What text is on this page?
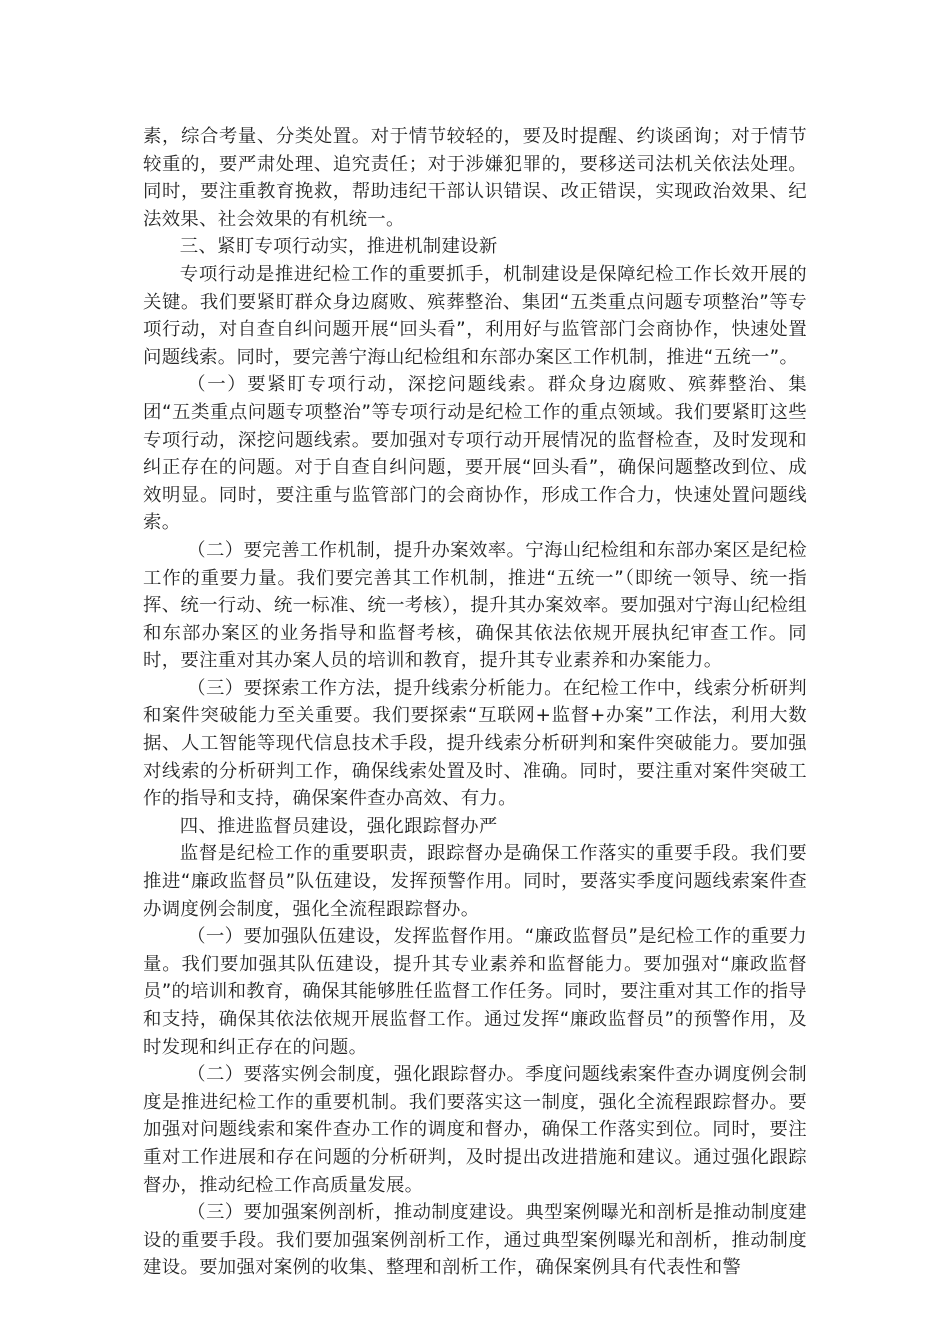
素，综合考量、分类处置。对于情节较轻的，要及时提醒、约谈函询；对于情节较重的，要严肃处理、追究责任；对于涉嫌犯罪的，要移送司法机关依法处理。同时，要注重教育挽救，帮助违纪干部认识错误、改正错误，实现政治效果、纪法效果、社会效果的有机统一。

三、紧盯专项行动实，推进机制建设新

专项行动是推进纪检工作的重要抓手，机制建设是保障纪检工作长效开展的关键。我们要紧盯群众身边腐败、殡葬整治、集团“五类重点问题专项整治”等专项行动，对自查自纠问题开展“回头看”，利用好与监管部门会商协作，快速处置问题线索。同时，要完善宁海山纪检组和东部办案区工作机制，推进“五统一”。

（一）要紧盯专项行动，深挖问题线索。群众身边腐败、殡葬整治、集团“五类重点问题专项整治”等专项行动是纪检工作的重点领域。我们要紧盯这些专项行动，深挖问题线索。要加强对专项行动开展情况的监督检查，及时发现和纠正存在的问题。对于自查自纠问题，要开展“回头看”，确保问题整改到位、成效明显。同时，要注重与监管部门的会商协作，形成工作合力，快速处置问题线索。

（二）要完善工作机制，提升办案效率。宁海山纪检组和东部办案区是纪检工作的重要力量。我们要完善其工作机制，推进“五统一”（即统一领导、统一指挥、统一行动、统一标准、统一考核），提升其办案效率。要加强对宁海山纪检组和东部办案区的业务指导和监督考核，确保其依法依规开展执纪审查工作。同时，要注重对其办案人员的培训和教育，提升其专业素养和办案能力。

（三）要探索工作方法，提升线索分析能力。在纪检工作中，线索分析研判和案件突破能力至关重要。我们要探索“互联网+监督+办案”工作法，利用大数据、人工智能等现代信息技术手段，提升线索分析研判和案件突破能力。要加强对线索的分析研判工作，确保线索处置及时、准确。同时，要注重对案件突破工作的指导和支持，确保案件查办高效、有力。

四、推进监督员建设，强化跟踪督办严

监督是纪检工作的重要职责，跟踪督办是确保工作落实的重要手段。我们要推进“廉政监督员”队伍建设，发挥预警作用。同时，要落实季度问题线索案件查办调度例会制度，强化全流程跟踪督办。

（一）要加强队伍建设，发挥监督作用。“廉政监督员”是纪检工作的重要力量。我们要加强其队伍建设，提升其专业素养和监督能力。要加强对“廉政监督员”的培训和教育，确保其能够胜任监督工作任务。同时，要注重对其工作的指导和支持，确保其依法依规开展监督工作。通过发挥“廉政监督员”的预警作用，及时发现和纠正存在的问题。

（二）要落实例会制度，强化跟踪督办。季度问题线索案件查办调度例会制度是推进纪检工作的重要机制。我们要落实这一制度，强化全流程跟踪督办。要加强对问题线索和案件查办工作的调度和督办，确保工作落实到位。同时，要注重对工作进展和存在问题的分析研判，及时提出改进措施和建议。通过强化跟踪督办，推动纪检工作高质量发展。

（三）要加强案例剖析，推动制度建设。典型案例曝光和剖析是推动制度建设的重要手段。我们要加强案例剖析工作，通过典型案例曝光和剖析，推动制度建设。要加强对案例的收集、整理和剖析工作，确保案例具有代表性和警
